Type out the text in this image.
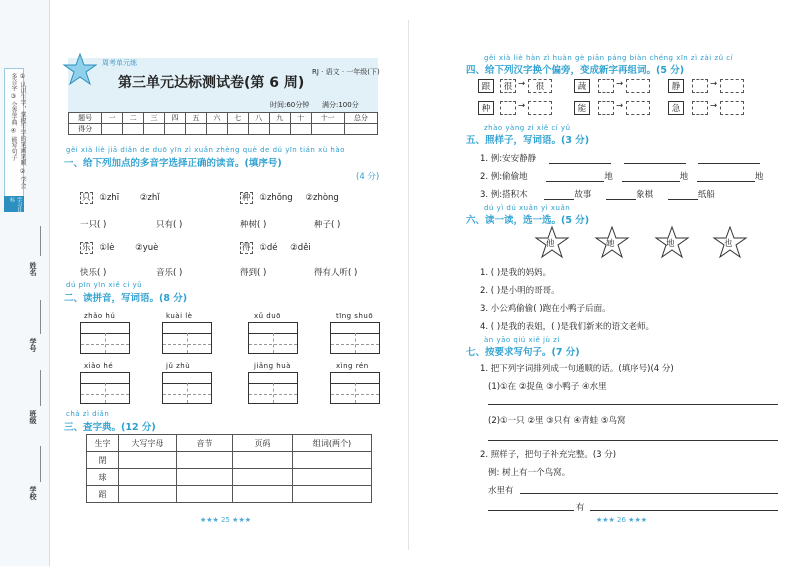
① 认识生字，掌握生字的笔画笔顺 ② 学会多音字 ③ 会查字典 ④ 能写句子
学习目标
姓名
学号
班级
学校
周考单元练
第三单元达标测试卷(第 6 周)
RJ · 语文 · 一年级(下)
时间:60分钟 满分:100分
题号	一	二	三	四	五	六	七	八	九	十	十一	总分
得分												
gěi xià liè jiā diǎn de duō yīn zì xuǎn zhèng què de dú yīn tián xù hào
一、给下列加点的多音字选择正确的读音。(填序号)
(4 分)
只 ①zhī ②zhǐ	种 ①zhǒng ②zhòng
一只( )	只有( )	种树( )	种子( )
乐 ①lè ②yuè	得 ①dé ②děi
快乐( )	音乐( )	得到( )	得有人听( )
dú pīn yīn xiě cí yǔ
二、读拼音，写词语。(8 分)
zhǎo hú	kuài lè	xǔ duō	tīng shuō
xiǎo hé	jǔ zhù	jiǎng huà	xìng rén
chá zì diǎn
三、查字典。(12 分)
生字	大写字母	音节	页码	组词(两个)
閉				
球				
蹈				
★★★ 25 ★★★
gěi xià liè hàn zì huàn gè piān páng biàn chéng xīn zì zài zǔ cí
四、给下列汉字换个偏旁，变成新字再组词。(5 分)
跟	很 →	很	蔬	→	静	→
种	→	能	→	急	→
zhào yàng zi xiě cí yǔ
五、照样子，写词语。(3 分)
1. 例:安安静静
2. 例:偷偷地	地	地	地
3. 例:搭积木	故事	象棋	纸船
dú yì dú xuǎn yì xuǎn
六、读一读，选一选。(5 分)
他	她	地	也
1. ( )是我的妈妈。
2. ( )是小明的哥哥。
3. 小公鸡偷偷( )跑在小鸭子后面。
4. ( )是我的表姐，( )是我们新来的语文老师。
àn yāo qiú xiě jù zi
七、按要求写句子。(7 分)
1. 把下列字词排列成一句通顺的话。(填序号)(4 分)
(1)①在 ②捉鱼 ③小鸭子 ④水里
(2)①一只 ②里 ③只有 ④青蛙 ⑤鸟窝
2. 照样子，把句子补充完整。(3 分)
例: 树上有一个鸟窝。
水里有
有
★★★ 26 ★★★
